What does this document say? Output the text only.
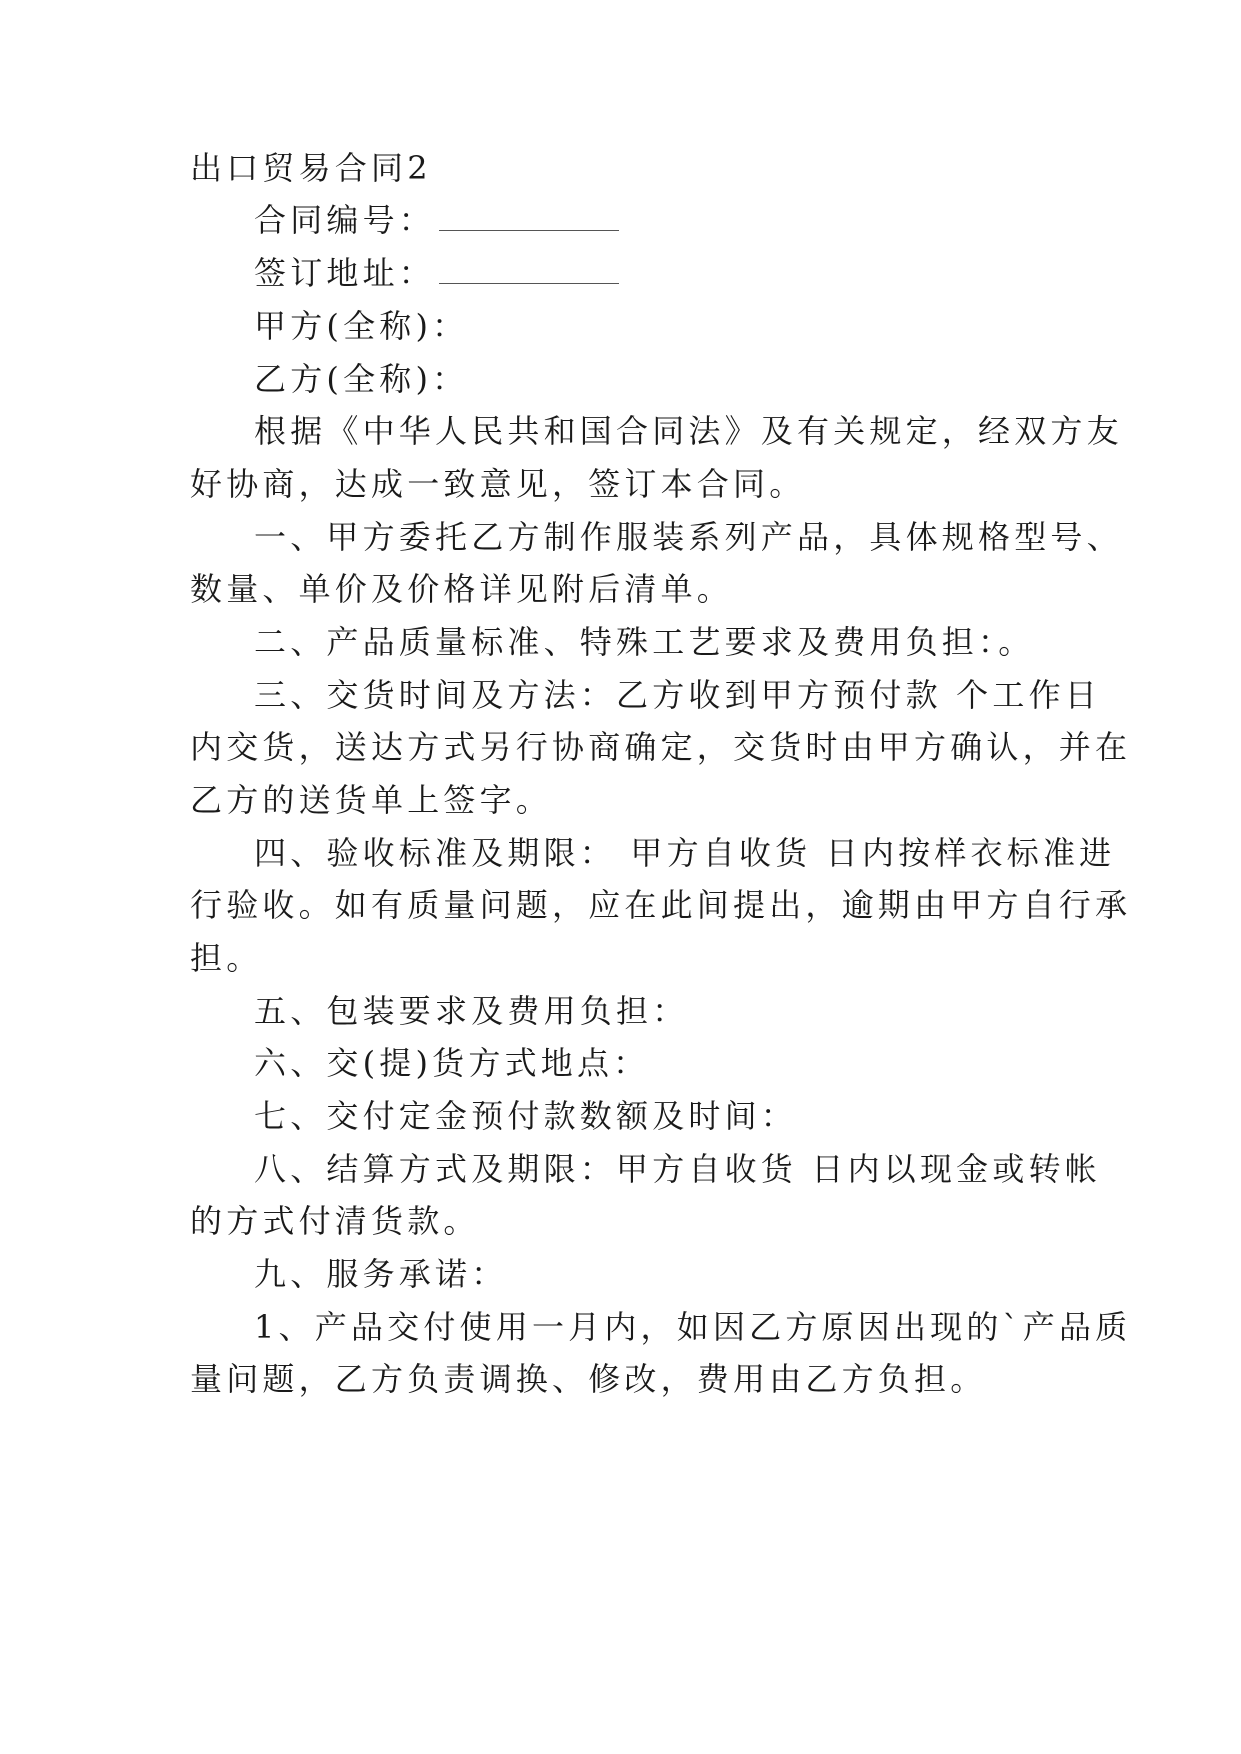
出口贸易合同2
合同编号：
签订地址：
甲方(全称)：
乙方(全称)：
根据《中华人民共和国合同法》及有关规定，经双方友
好协商，达成一致意见，签订本合同。
一、甲方委托乙方制作服装系列产品，具体规格型号、
数量、单价及价格详见附后清单。
二、产品质量标准、特殊工艺要求及费用负担：。
三、交货时间及方法：乙方收到甲方预付款 个工作日
内交货，送达方式另行协商确定，交货时由甲方确认，并在
乙方的送货单上签字。
四、验收标准及期限： 甲方自收货 日内按样衣标准进
行验收。如有质量问题，应在此间提出，逾期由甲方自行承
担。
五、包装要求及费用负担：
六、交(提)货方式地点：
七、交付定金预付款数额及时间：
八、结算方式及期限：甲方自收货 日内以现金或转帐
的方式付清货款。
九、服务承诺：
1、产品交付使用一月内，如因乙方原因出现的`产品质
量问题，乙方负责调换、修改，费用由乙方负担。
